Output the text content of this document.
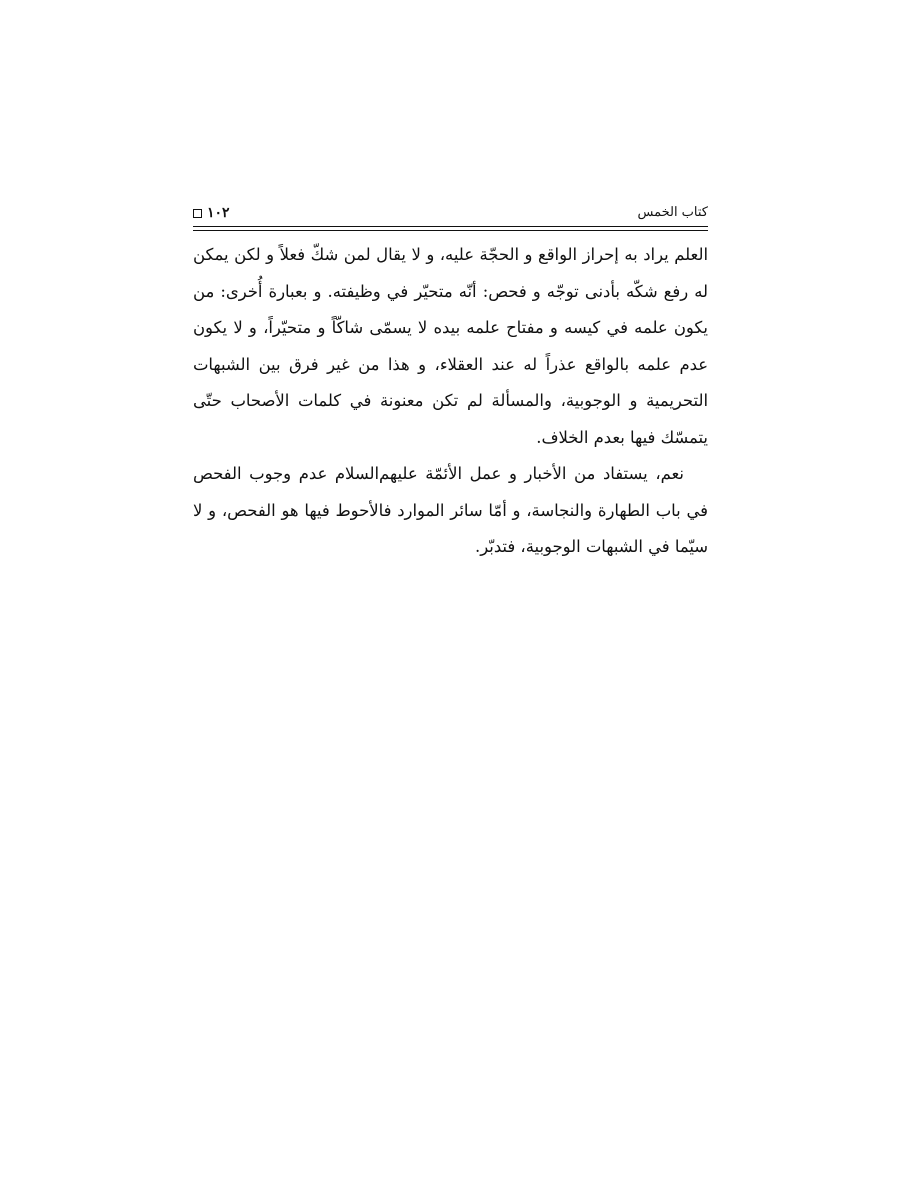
١٠٢	كتاب الخمس

العلم يراد به إحراز الواقع و الحجّة عليه، و لا يقال لمن شكّ فعلاً و لكن يمكن له رفع شكّه بأدنى توجّه و فحص: أنّه متحيّر في وظيفته. و بعبارة أُخرى: من يكون علمه في كيسه و مفتاح علمه بيده لا يسمّى شاكّاً و متحيّراً، و لا يكون عدم علمه بالواقع عذراً له عند العقلاء، و هذا من غير فرق بين الشبهات التحريمية و الوجوبية، والمسألة لم تكن معنونة في كلمات الأصحاب حتّى يتمسّك فيها بعدم الخلاف.

نعم، يستفاد من الأخبار و عمل الأئمّة عليهم‌السلام عدم وجوب الفحص في باب الطهارة والنجاسة، و أمّا سائر الموارد فالأحوط فيها هو الفحص، و لا سيّما في الشبهات الوجوبية، فتدبّر.
